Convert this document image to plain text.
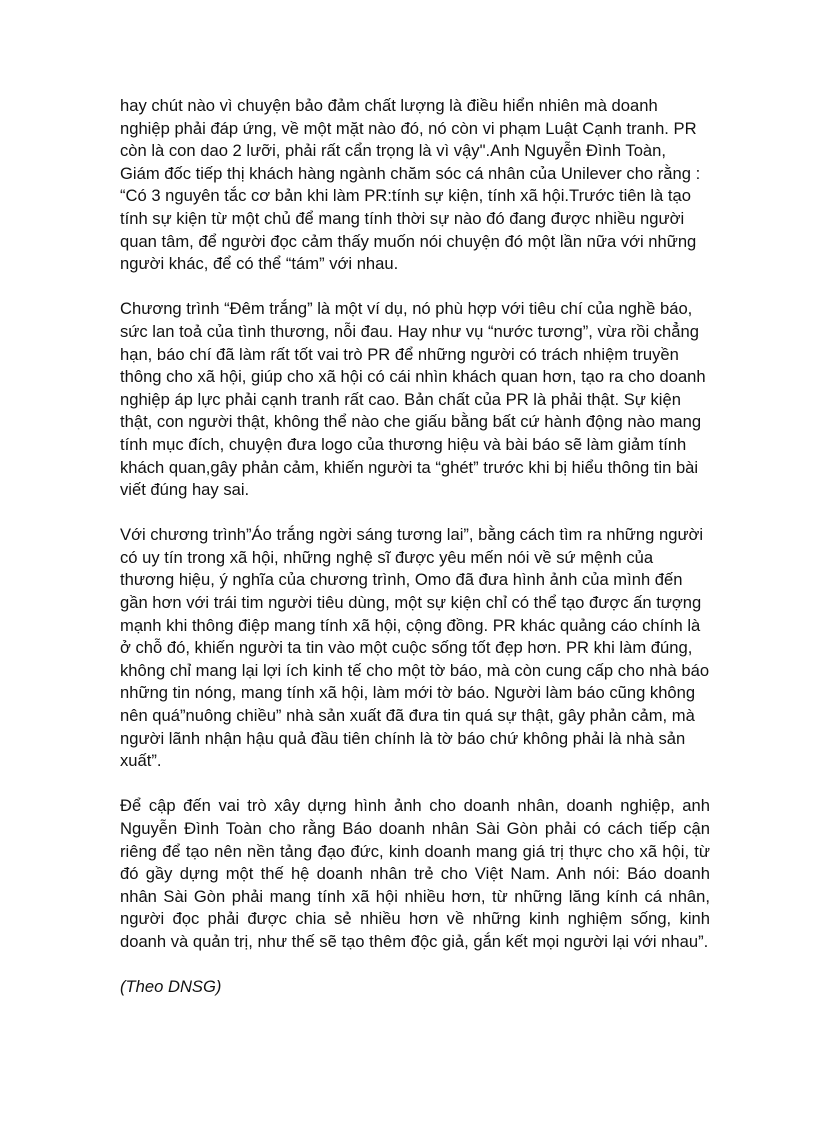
hay chút nào vì chuyện bảo đảm chất lượng là điều hiển nhiên mà doanh nghiệp phải đáp ứng, về một mặt nào đó, nó còn vi phạm Luật Cạnh tranh. PR còn là con dao 2 lưỡi, phải rất cẩn trọng là vì vậy".Anh Nguyễn Đình Toàn, Giám đốc tiếp thị khách hàng ngành chăm sóc cá nhân của Unilever cho rằng : “Có 3 nguyên tắc cơ bản khi làm PR:tính sự kiện, tính xã hội.Trước tiên là tạo tính sự kiện từ một chủ để mang tính thời sự nào đó đang được nhiều người quan tâm, để người đọc cảm thấy muốn nói chuyện đó một lần nữa với những người khác, để có thể “tám” với nhau.

Chương trình “Đêm trắng” là một ví dụ, nó phù hợp với tiêu chí của nghề báo, sức lan toả của tình thương, nỗi đau. Hay như vụ “nước tương”, vừa rồi chẳng hạn, báo chí đã làm rất tốt vai trò PR để những người có trách nhiệm truyền thông cho xã hội, giúp cho xã hội có cái nhìn khách quan hơn, tạo ra cho doanh nghiệp áp lực phải cạnh tranh rất cao. Bản chất của PR là phải thật. Sự kiện thật, con người thật, không thể nào che giấu bằng bất cứ hành động nào mang tính mục đích, chuyện đưa logo của thương hiệu và bài báo sẽ làm giảm tính khách quan,gây phản cảm, khiến người ta “ghét” trước khi bị hiểu thông tin bài viết đúng hay sai.

Với chương trình”Áo trắng ngời sáng tương lai”, bằng cách tìm ra những người có uy tín trong xã hội, những nghệ sĩ được yêu mến nói về sứ mệnh của thương hiệu, ý nghĩa của chương trình, Omo đã đưa hình ảnh của mình đến gần hơn với trái tim người tiêu dùng, một sự kiện chỉ có thể tạo được ấn tượng mạnh khi thông điệp mang tính xã hội, cộng đồng. PR khác quảng cáo chính là ở chỗ đó, khiến người ta tin vào một cuộc sống tốt đẹp hơn. PR khi làm đúng, không chỉ mang lại lợi ích kinh tế cho một tờ báo, mà còn cung cấp cho nhà báo những tin nóng, mang tính xã hội, làm mới tờ báo. Người làm báo cũng không nên quá”nuông chiều” nhà sản xuất đã đưa tin quá sự thật, gây phản cảm, mà người lãnh nhận hậu quả đầu tiên chính là tờ báo chứ không phải là nhà sản xuất”.

Để cập đến vai trò xây dựng hình ảnh cho doanh nhân, doanh nghiệp, anh Nguyễn Đình Toàn cho rằng Báo doanh nhân Sài Gòn phải có cách tiếp cận riêng để tạo nên nền tảng đạo đức, kinh doanh mang giá trị thực cho xã hội, từ đó gầy dựng một thế hệ doanh nhân trẻ cho Việt Nam. Anh nói: Báo doanh nhân Sài Gòn phải mang tính xã hội nhiều hơn, từ những lăng kính cá nhân, người đọc phải được chia sẻ nhiều hơn về những kinh nghiệm sống, kinh doanh và quản trị, như thế sẽ tạo thêm độc giả, gắn kết mọi người lại với nhau”.

(Theo DNSG)
